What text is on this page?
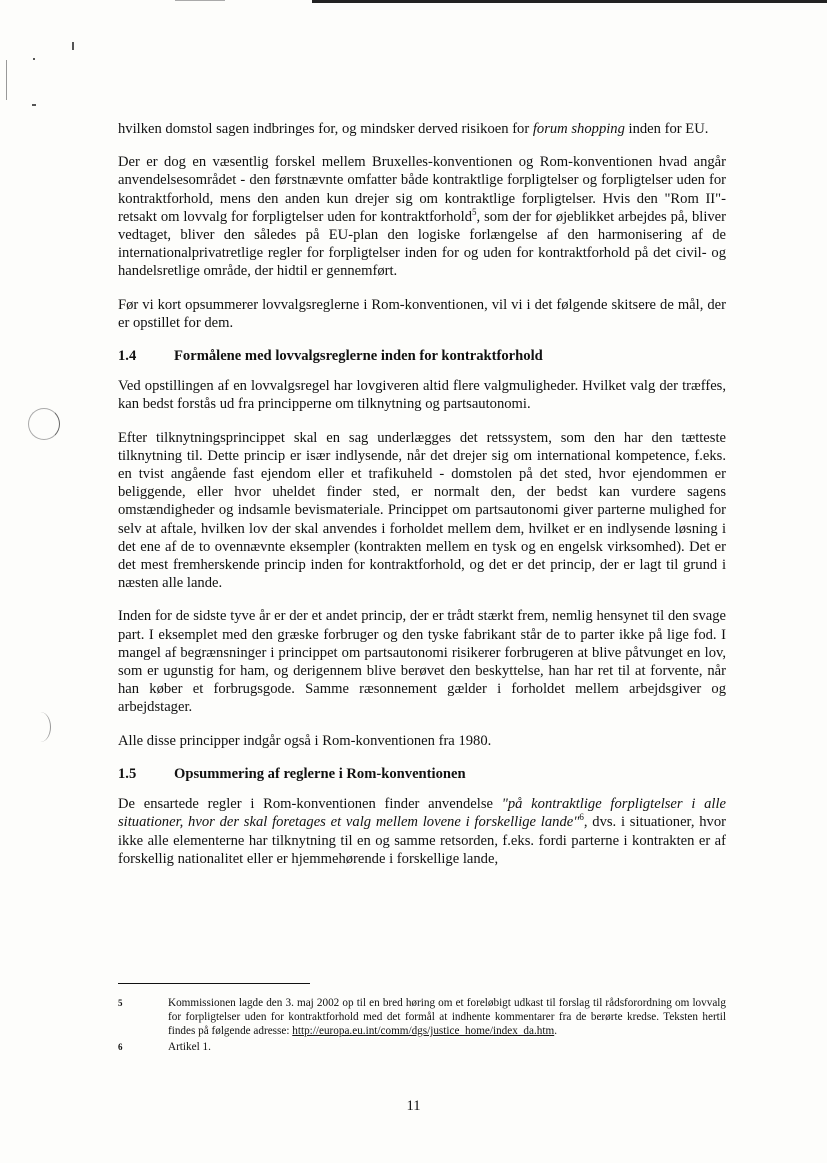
hvilken domstol sagen indbringes for, og mindsker derved risikoen for forum shopping inden for EU.

Der er dog en væsentlig forskel mellem Bruxelles-konventionen og Rom-konventionen hvad angår anvendelsesområdet - den førstnævnte omfatter både kontraktlige forpligtelser og forpligtelser uden for kontraktforhold, mens den anden kun drejer sig om kontraktlige forpligtelser. Hvis den "Rom II"-retsakt om lovvalg for forpligtelser uden for kontraktforhold$^5$, som der for øjeblikket arbejdes på, bliver vedtaget, bliver den således på EU-plan den logiske forlængelse af den harmonisering af de internationalprivatretlige regler for forpligtelser inden for og uden for kontraktforhold på det civil- og handelsretlige område, der hidtil er gennemført.

Før vi kort opsummerer lovvalgsreglerne i Rom-konventionen, vil vi i det følgende skitsere de mål, der er opstillet for dem.

1.4	Formålene med lovvalgsreglerne inden for kontraktforhold

Ved opstillingen af en lovvalgsregel har lovgiveren altid flere valgmuligheder. Hvilket valg der træffes, kan bedst forstås ud fra principperne om tilknytning og partsautonomi.

Efter tilknytningsprincippet skal en sag underlægges det retssystem, som den har den tætteste tilknytning til. Dette princip er især indlysende, når det drejer sig om international kompetence, f.eks. en tvist angående fast ejendom eller et trafikuheld - domstolen på det sted, hvor ejendommen er beliggende, eller hvor uheldet finder sted, er normalt den, der bedst kan vurdere sagens omstændigheder og indsamle bevismateriale. Princippet om partsautonomi giver parterne mulighed for selv at aftale, hvilken lov der skal anvendes i forholdet mellem dem, hvilket er en indlysende løsning i det ene af de to ovennævnte eksempler (kontrakten mellem en tysk og en engelsk virksomhed). Det er det mest fremherskende princip inden for kontraktforhold, og det er det princip, der er lagt til grund i næsten alle lande.

Inden for de sidste tyve år er der et andet princip, der er trådt stærkt frem, nemlig hensynet til den svage part. I eksemplet med den græske forbruger og den tyske fabrikant står de to parter ikke på lige fod. I mangel af begrænsninger i princippet om partsautonomi risikerer forbrugeren at blive påtvunget en lov, som er ugunstig for ham, og derigennem blive berøvet den beskyttelse, han har ret til at forvente, når han køber et forbrugsgode. Samme ræsonnement gælder i forholdet mellem arbejdsgiver og arbejdstager.

Alle disse principper indgår også i Rom-konventionen fra 1980.

1.5	Opsummering af reglerne i Rom-konventionen

De ensartede regler i Rom-konventionen finder anvendelse "på kontraktlige forpligtelser i alle situationer, hvor der skal foretages et valg mellem lovene i forskellige lande"$^6$, dvs. i situationer, hvor ikke alle elementerne har tilknytning til en og samme retsorden, f.eks. fordi parterne i kontrakten er af forskellig nationalitet eller er hjemmehørende i forskellige lande,

5	Kommissionen lagde den 3. maj 2002 op til en bred høring om et foreløbigt udkast til forslag til rådsforordning om lovvalg for forpligtelser uden for kontraktforhold med det formål at indhente kommentarer fra de berørte kredse. Teksten hertil findes på følgende adresse: http://europa.eu.int/comm/dgs/justice_home/index_da.htm.
6	Artikel 1.
11
